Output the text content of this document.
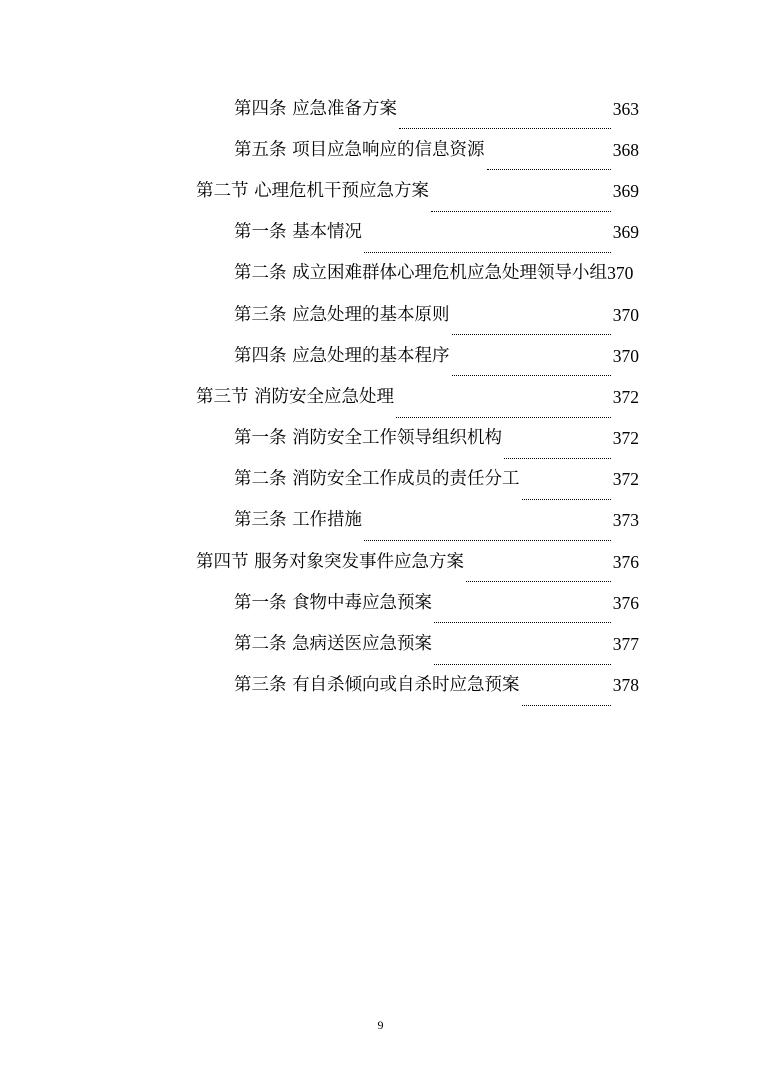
第四条 应急准备方案	363
第五条 项目应急响应的信息资源	368
第二节 心理危机干预应急方案	369
第一条 基本情况	369
第二条 成立困难群体心理危机应急处理领导小组 370
第三条 应急处理的基本原则	370
第四条 应急处理的基本程序	370
第三节 消防安全应急处理	372
第一条 消防安全工作领导组织机构	372
第二条 消防安全工作成员的责任分工	372
第三条 工作措施	373
第四节 服务对象突发事件应急方案	376
第一条 食物中毒应急预案	376
第二条 急病送医应急预案	377
第三条 有自杀倾向或自杀时应急预案	378
9
